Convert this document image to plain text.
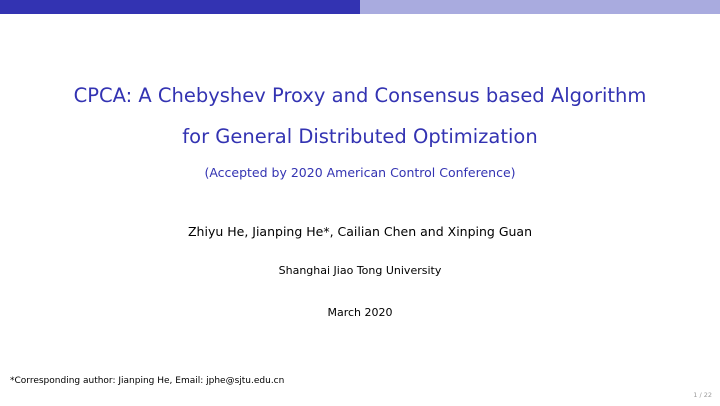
CPCA: A Chebyshev Proxy and Consensus based Algorithm
for General Distributed Optimization
(Accepted by 2020 American Control Conference)
Zhiyu He, Jianping He*, Cailian Chen and Xinping Guan
Shanghai Jiao Tong University
March 2020
*Corresponding author: Jianping He, Email: jphe@sjtu.edu.cn
1 / 22
